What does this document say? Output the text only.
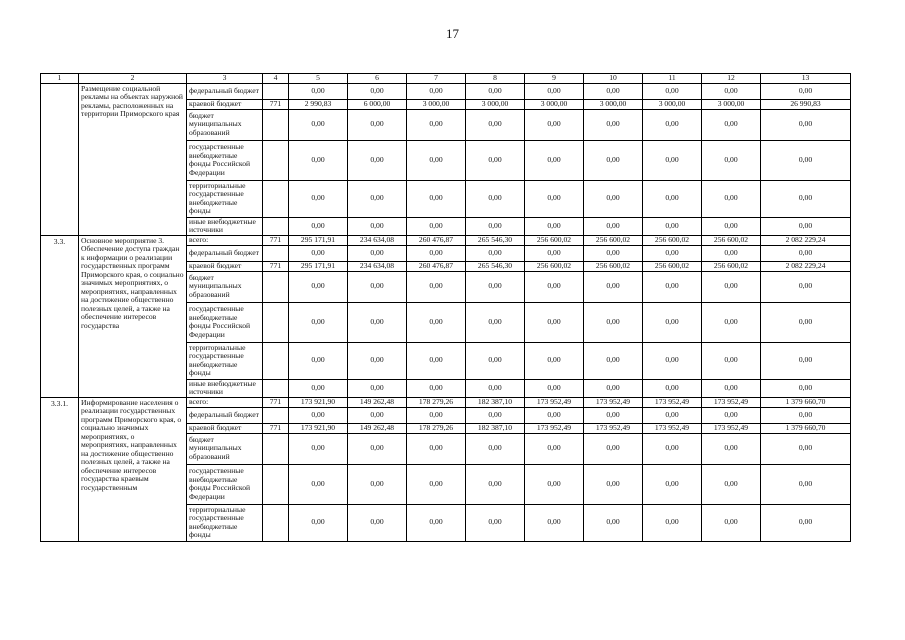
17
1	2	3	4	5	6	7	8	9	10	11	12	13
	Размещение социальной рекламы на объектах наружной рекламы, расположенных на территории Приморского края	федеральный бюджет		0,00	0,00	0,00	0,00	0,00	0,00	0,00	0,00	0,00
		краевой бюджет	771	2 990,83	6 000,00	3 000,00	3 000,00	3 000,00	3 000,00	3 000,00	3 000,00	26 990,83
		бюджет муниципальных образований		0,00	0,00	0,00	0,00	0,00	0,00	0,00	0,00	0,00
		государственные внебюджетные фонды Российской Федерации		0,00	0,00	0,00	0,00	0,00	0,00	0,00	0,00	0,00
		территориальные государственные внебюджетные фонды		0,00	0,00	0,00	0,00	0,00	0,00	0,00	0,00	0,00
		иные внебюджетные источники		0,00	0,00	0,00	0,00	0,00	0,00	0,00	0,00	0,00
3.3.	Основное мероприятие 3. Обеспечение доступа граждан к информации о реализации государственных программ Приморского края, о социально значимых мероприятиях, о мероприятиях, направленных на достижение общественно полезных целей, а также на обеспечение интересов государства	всего:	771	295 171,91	234 634,08	260 476,87	265 546,30	256 600,02	256 600,02	256 600,02	256 600,02	2 082 229,24
		федеральный бюджет		0,00	0,00	0,00	0,00	0,00	0,00	0,00	0,00	0,00
		краевой бюджет	771	295 171,91	234 634,08	260 476,87	265 546,30	256 600,02	256 600,02	256 600,02	256 600,02	2 082 229,24
		бюджет муниципальных образований		0,00	0,00	0,00	0,00	0,00	0,00	0,00	0,00	0,00
		государственные внебюджетные фонды Российской Федерации		0,00	0,00	0,00	0,00	0,00	0,00	0,00	0,00	0,00
		территориальные государственные внебюджетные фонды		0,00	0,00	0,00	0,00	0,00	0,00	0,00	0,00	0,00
		иные внебюджетные источники		0,00	0,00	0,00	0,00	0,00	0,00	0,00	0,00	0,00
3.3.1.	Информирование населения о реализации государственных программ Приморского края, о социально значимых мероприятиях, о мероприятиях, направленных на достижение общественно полезных целей, а также на обеспечение интересов государства краевым государственным	всего:	771	173 921,90	149 262,48	178 279,26	182 387,10	173 952,49	173 952,49	173 952,49	173 952,49	1 379 660,70
		федеральный бюджет		0,00	0,00	0,00	0,00	0,00	0,00	0,00	0,00	0,00
		краевой бюджет	771	173 921,90	149 262,48	178 279,26	182 387,10	173 952,49	173 952,49	173 952,49	173 952,49	1 379 660,70
		бюджет муниципальных образований		0,00	0,00	0,00	0,00	0,00	0,00	0,00	0,00	0,00
		государственные внебюджетные фонды Российской Федерации		0,00	0,00	0,00	0,00	0,00	0,00	0,00	0,00	0,00
		территориальные государственные внебюджетные фонды		0,00	0,00	0,00	0,00	0,00	0,00	0,00	0,00	0,00
